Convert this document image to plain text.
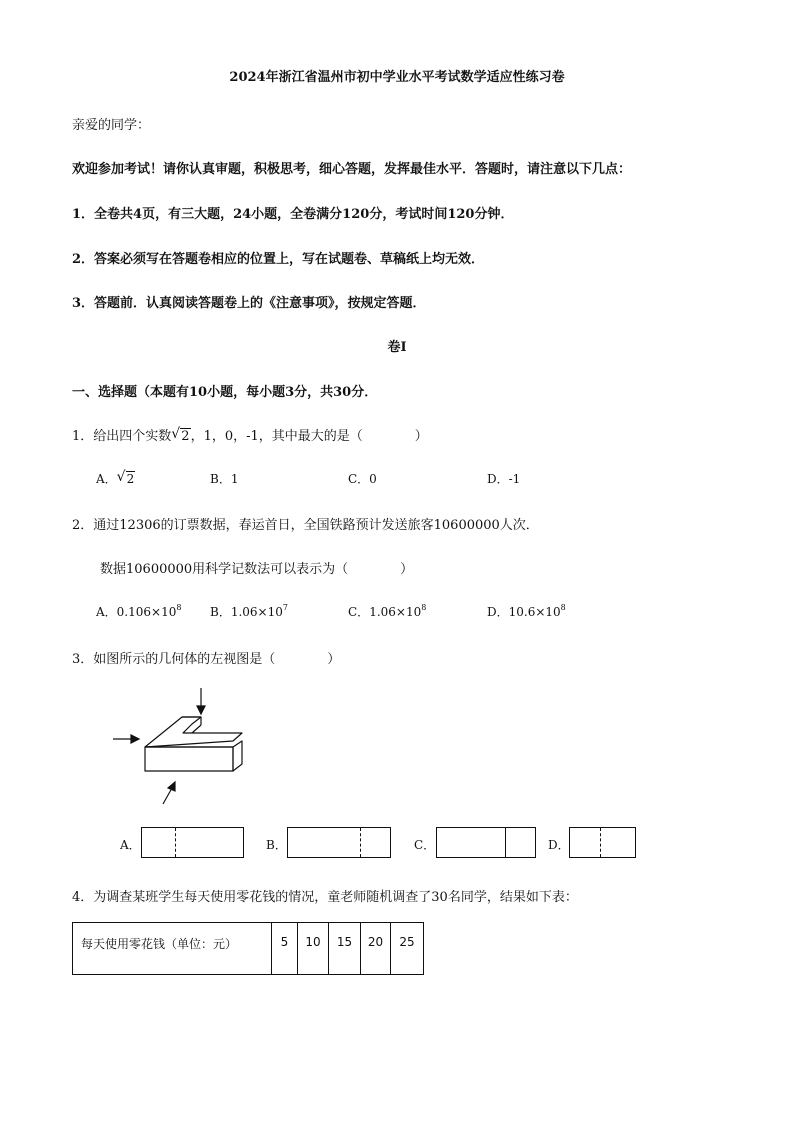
2024年浙江省温州市初中学业水平考试数学适应性练习卷
亲爱的同学：
欢迎参加考试！请你认真审题，积极思考，细心答题，发挥最佳水平．答题时，请注意以下几点：
1．全卷共4页，有三大题，24小题，全卷满分120分，考试时间120分钟．
2．答案必须写在答题卷相应的位置上，写在试题卷、草稿纸上均无效．
3．答题前．认真阅读答题卷上的《注意事项》，按规定答题．
卷Ⅰ
一、选择题（本题有10小题，每小题3分，共30分．
1．给出四个实数 √ 2，1，0，-1，其中最大的是（　　　　）
A． √ 2	B．1	C．0	D．-1
2．通过12306的订票数据，春运首日，全国铁路预计发送旅客10600000人次．
数据10600000用科学记数法可以表示为（　　　　）
A．$0.106\times 10^8$ B．$1.06\times 10^7$	C．$1.06\times 10^8$	D．$10.6\times 10^8$
3．如图所示的几何体的左视图是（　　　　）
A．	B．	C．	D．
4．为调查某班学生每天使用零花钱的情况，童老师随机调查了30名同学，结果如下表：
每天使用零花钱（单位：元）	5	10	15	20	25
